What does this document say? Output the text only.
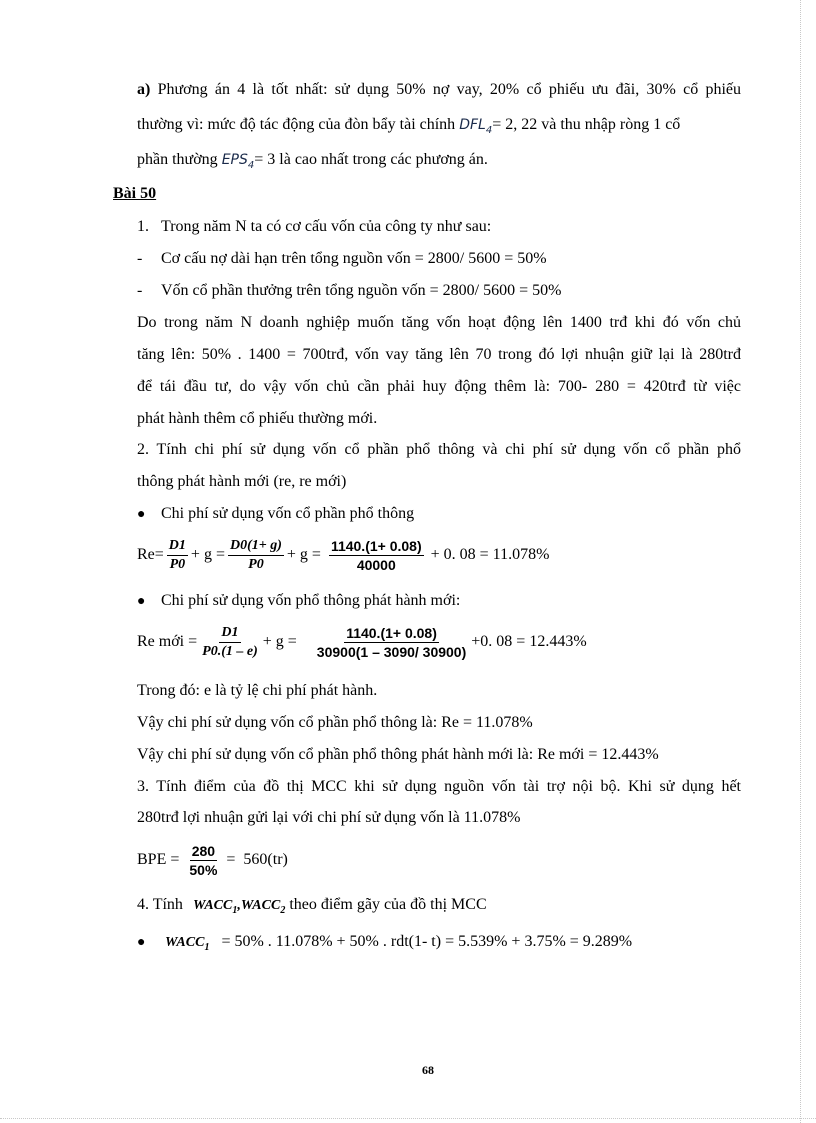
a) Phương án 4 là tốt nhất: sử dụng 50% nợ vay, 20% cổ phiếu ưu đãi, 30% cổ phiếu
thường vì: mức độ tác động của đòn bẩy tài chính $DFL_4= 2$, 22 và thu nhập ròng 1 cổ
phần thường $EPS_4= 3$ là cao nhất trong các phương án.
Bài 50
1. Trong năm N ta có cơ cấu vốn của công ty như sau:
- Cơ cấu nợ dài hạn trên tổng nguồn vốn = 2800/ 5600 = 50%
- Vốn cổ phần thưởng trên tổng nguồn vốn = 2800/ 5600 = 50%
Do trong năm N doanh nghiệp muốn tăng vốn hoạt động lên 1400 trđ khi đó vốn chủ
tăng lên: 50% . 1400 = 700trđ, vốn vay tăng lên 70 trong đó lợi nhuận giữ lại là 280trđ
để tái đầu tư, do vậy vốn chủ cần phải huy động thêm là: 700- 280 = 420trđ từ việc
phát hành thêm cổ phiếu thường mới.
2. Tính chi phí sử dụng vốn cổ phần phổ thông và chi phí sử dụng vốn cổ phần phổ
thông phát hành mới (re, re mới)
● Chi phí sử dụng vốn cổ phần phổ thông
$Re= \frac{D1}{P0} + g = \frac{D0(1+ g)}{P0} + g = \frac{1140.(1+ 0.08)}{40000} + 0$. 08 = 11.078%
● Chi phí sử dụng vốn phổ thông phát hành mới:
Re mới = $\frac{D1}{P0.(1 - e)} + g = \frac{1140.(1+ 0.08)}{30900(1 - 3090/ 30900)} +0$. 08 = 12.443%
Trong đó: e là tỷ lệ chi phí phát hành.
Vậy chi phí sử dụng vốn cổ phần phổ thông là: Re = 11.078%
Vậy chi phí sử dụng vốn cổ phần phổ thông phát hành mới là: Re mới = 12.443%
3. Tính điểm của đồ thị MCC khi sử dụng nguồn vốn tài trợ nội bộ. Khi sử dụng hết
280trđ lợi nhuận gửi lại với chi phí sử dụng vốn là 11.078%
BPE = $\frac{280}{50\%} = 560(tr)$
4. Tính $WACC_1,WACC_2$ theo điểm gãy của đồ thị MCC
● $WACC_1 = 50\%$ . 11.078% + 50% . rdt(1- t) = 5.539% + 3.75% = 9.289%
68
